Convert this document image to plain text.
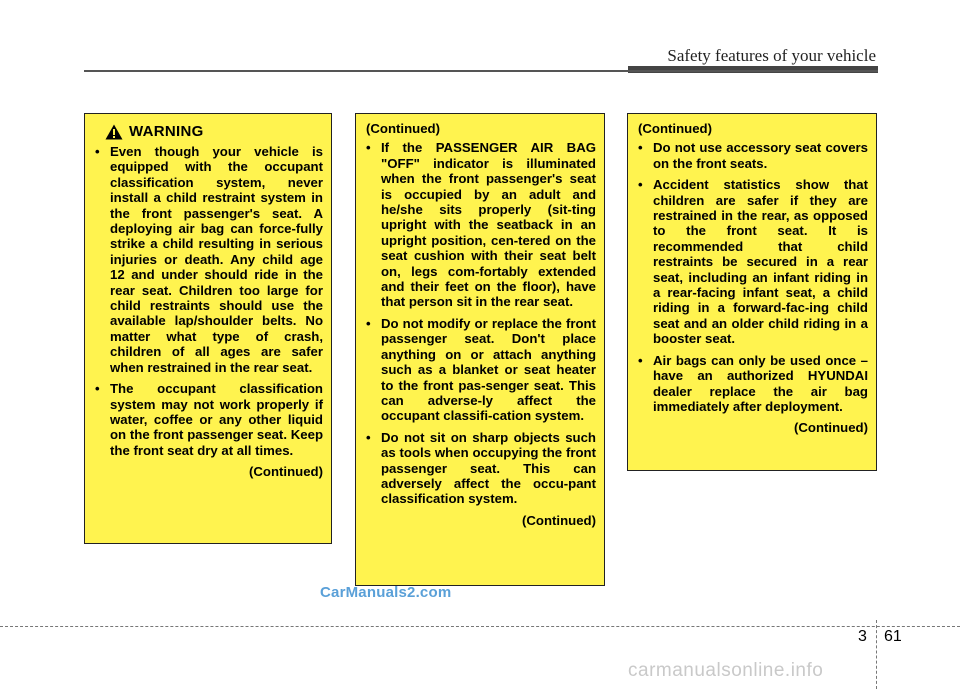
Safety features of your vehicle
WARNING
• Even though your vehicle is equipped with the occupant classification system, never install a child restraint system in the front passenger's seat. A deploying air bag can force-fully strike a child resulting in serious injuries or death. Any child age 12 and under should ride in the rear seat. Children too large for child restraints should use the available lap/shoulder belts. No matter what type of crash, children of all ages are safer when restrained in the rear seat.
• The occupant classification system may not work properly if water, coffee or any other liquid on the front passenger seat. Keep the front seat dry at all times.
(Continued)
(Continued)
• If the PASSENGER AIR BAG "OFF" indicator is illuminated when the front passenger's seat is occupied by an adult and he/she sits properly (sit-ting upright with the seatback in an upright position, cen-tered on the seat cushion with their seat belt on, legs com-fortably extended and their feet on the floor), have that person sit in the rear seat.
• Do not modify or replace the front passenger seat. Don't place anything on or attach anything such as a blanket or seat heater to the front pas-senger seat. This can adverse-ly affect the occupant classifi-cation system.
• Do not sit on sharp objects such as tools when occupying the front passenger seat. This can adversely affect the occu-pant classification system.
(Continued)
(Continued)
• Do not use accessory seat covers on the front seats.
• Accident statistics show that children are safer if they are restrained in the rear, as opposed to the front seat. It is recommended that child restraints be secured in a rear seat, including an infant riding in a rear-facing infant seat, a child riding in a forward-fac-ing child seat and an older child riding in a booster seat.
• Air bags can only be used once – have an authorized HYUNDAI dealer replace the air bag immediately after deployment.
(Continued)
CarManuals2.com
3 61
carmanualsonline.info
